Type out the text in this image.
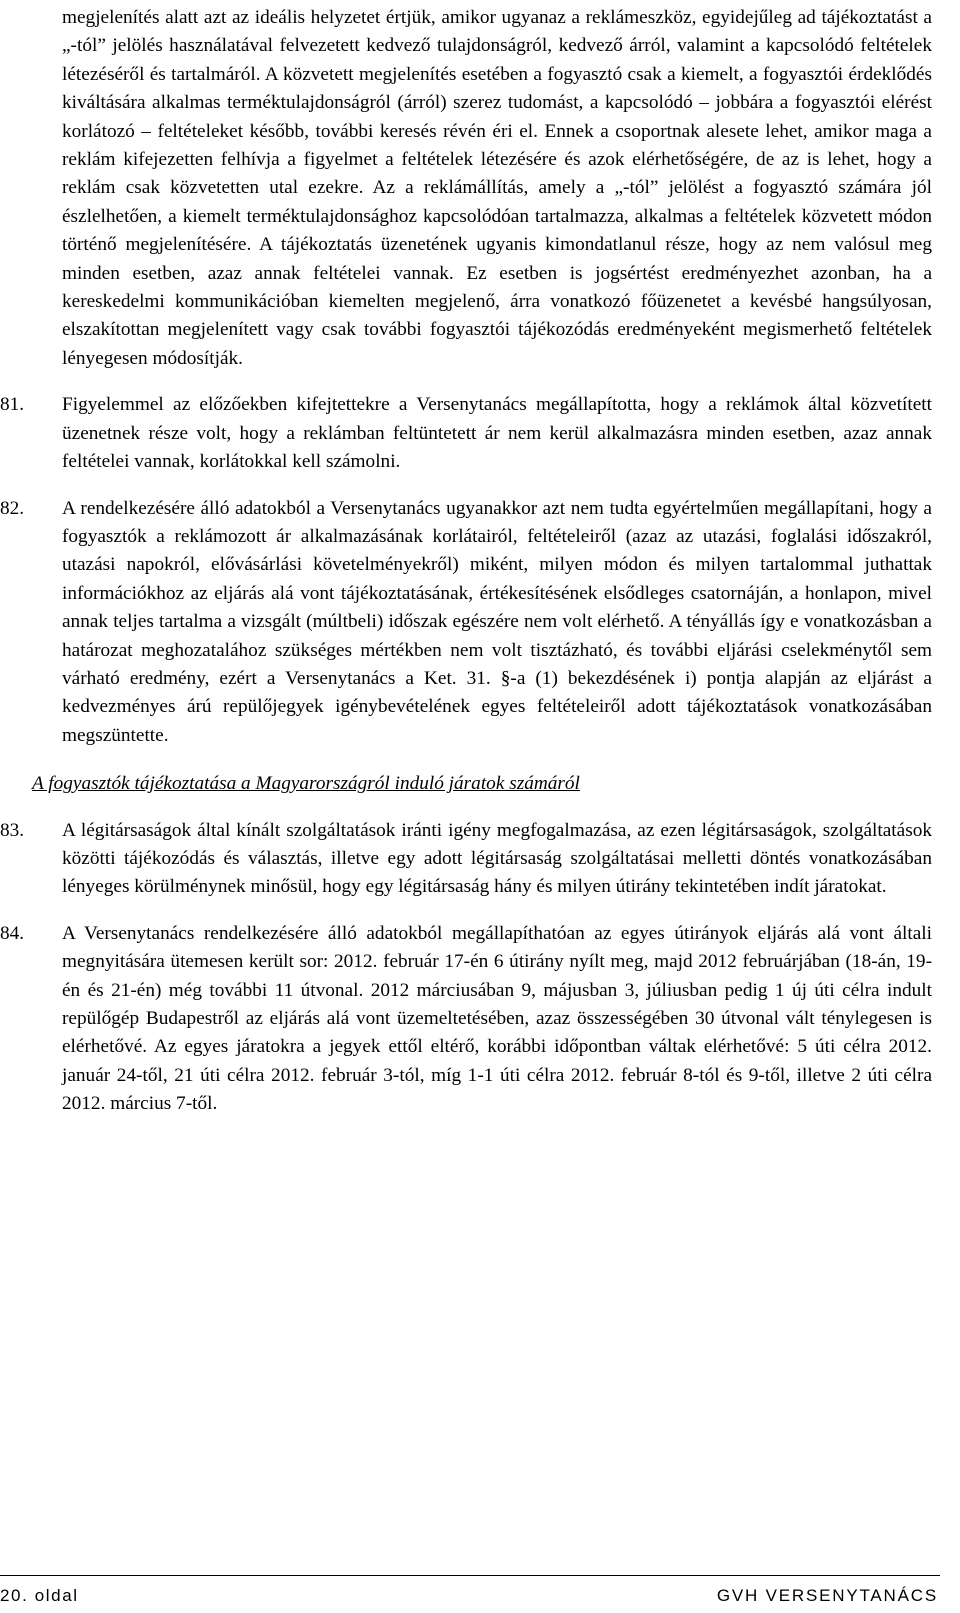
megjelenítés alatt azt az ideális helyzetet értjük, amikor ugyanaz a reklámeszköz, egyidejűleg ad tájékoztatást a „-tól” jelölés használatával felvezetett kedvező tulajdonságról, kedvező árról, valamint a kapcsolódó feltételek létezéséről és tartalmáról. A közvetett megjelenítés esetében a fogyasztó csak a kiemelt, a fogyasztói érdeklődés kiváltására alkalmas terméktulajdonságról (árról) szerez tudomást, a kapcsolódó – jobbára a fogyasztói elérést korlátozó – feltételeket később, további keresés révén éri el. Ennek a csoportnak alesete lehet, amikor maga a reklám kifejezetten felhívja a figyelmet a feltételek létezésére és azok elérhetőségére, de az is lehet, hogy a reklám csak közvetetten utal ezekre. Az a reklámállítás, amely a „-tól” jelölést a fogyasztó számára jól észlelhetően, a kiemelt terméktulajdonsághoz kapcsolódóan tartalmazza, alkalmas a feltételek közvetett módon történő megjelenítésére. A tájékoztatás üzenetének ugyanis kimondatlanul része, hogy az nem valósul meg minden esetben, azaz annak feltételei vannak. Ez esetben is jogsértést eredményezhet azonban, ha a kereskedelmi kommunikációban kiemelten megjelenő, árra vonatkozó főüzenetet a kevésbé hangsúlyosan, elszakítottan megjelenített vagy csak további fogyasztói tájékozódás eredményeként megismerhető feltételek lényegesen módosítják.

81. Figyelemmel az előzőekben kifejtettekre a Versenytanács megállapította, hogy a reklámok által közvetített üzenetnek része volt, hogy a reklámban feltüntetett ár nem kerül alkalmazásra minden esetben, azaz annak feltételei vannak, korlátokkal kell számolni.

82. A rendelkezésére álló adatokból a Versenytanács ugyanakkor azt nem tudta egyértelműen megállapítani, hogy a fogyasztók a reklámozott ár alkalmazásának korlátairól, feltételeiről (azaz az utazási, foglalási időszakról, utazási napokról, elővásárlási követelményekről) miként, milyen módon és milyen tartalommal juthattak információkhoz az eljárás alá vont tájékoztatásának, értékesítésének elsődleges csatornáján, a honlapon, mivel annak teljes tartalma a vizsgált (múltbeli) időszak egészére nem volt elérhető. A tényállás így e vonatkozásban a határozat meghozatalához szükséges mértékben nem volt tisztázható, és további eljárási cselekménytől sem várható eredmény, ezért a Versenytanács a Ket. 31. §-a (1) bekezdésének i) pontja alapján az eljárást a kedvezményes árú repülőjegyek igénybevételének egyes feltételeiről adott tájékoztatások vonatkozásában megszüntette.

A fogyasztók tájékoztatása a Magyarországról induló járatok számáról
83. A légitársaságok által kínált szolgáltatások iránti igény megfogalmazása, az ezen légitársaságok, szolgáltatások közötti tájékozódás és választás, illetve egy adott légitársaság szolgáltatásai melletti döntés vonatkozásában lényeges körülménynek minősül, hogy egy légitársaság hány és milyen útirány tekintetében indít járatokat.

84. A Versenytanács rendelkezésére álló adatokból megállapíthatóan az egyes útirányok eljárás alá vont általi megnyitására ütemesen került sor: 2012. február 17-én 6 útirány nyílt meg, majd 2012 februárjában (18-án, 19-én és 21-én) még további 11 útvonal. 2012 márciusában 9, májusban 3, júliusban pedig 1 új úti célra indult repülőgép Budapestről az eljárás alá vont üzemeltetésében, azaz összességében 30 útvonal vált ténylegesen is elérhetővé. Az egyes járatokra a jegyek ettől eltérő, korábbi időpontban váltak elérhetővé: 5 úti célra 2012. január 24-től, 21 úti célra 2012. február 3-tól, míg 1-1 úti célra 2012. február 8-tól és 9-től, illetve 2 úti célra 2012. március 7-től.

20. oldal	GVH VERSENYTANÁCS
